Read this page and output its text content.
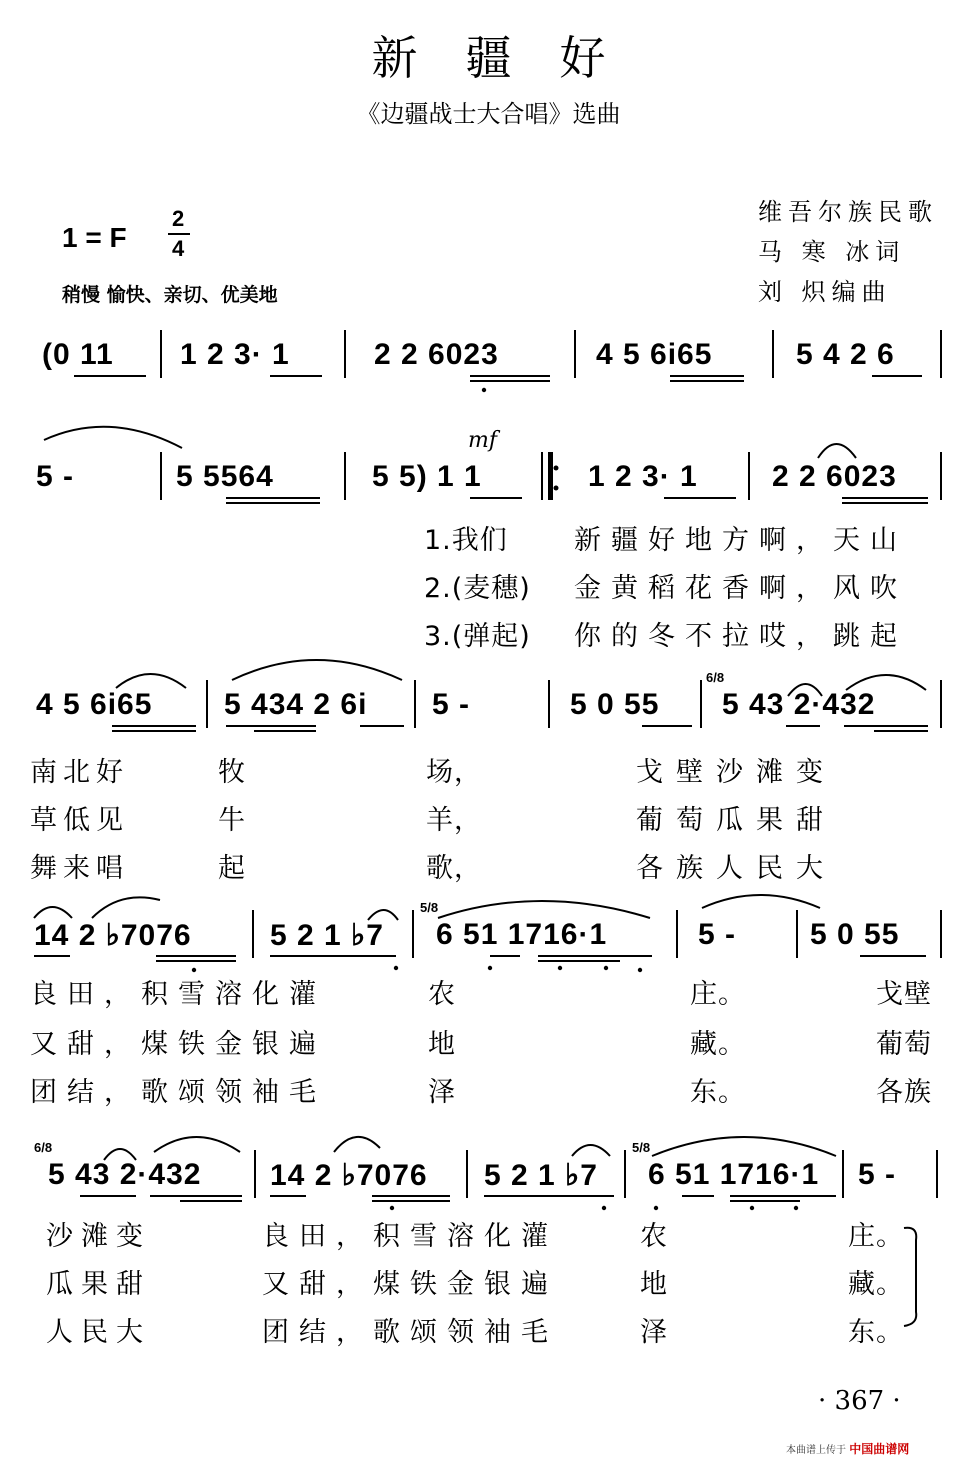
新疆好
《边疆战士大合唱》选曲
维吾尔族民歌
马 寒 冰词
刘 炽编曲
1 = F
2
4
稍慢 愉快、亲切、优美地
(0 11 1 2 3· 1	2 2 6023	4 5 6i65	5 4 2 6
mf
5 -	5 5564	5 5) 1 1	1 2 3· 1 2 2 6023
1.我们 新疆好地方啊，天山
2.(麦穗) 金黄稻花香啊，风吹
3.(弹起) 你的冬不拉哎，跳起
4 5 6i65 5 434 2 6i 5 -	5 0 55
6/8
5 43 2·432
南北好	牧	场，	戈壁沙滩变
草低见	牛	羊，	葡萄瓜果甜
舞来唱	起	歌，	各族人民大
14 2 ♭7076	5 2 1 ♭7
5/8
6 51 1716·1	5 - 5 0 55
良田，积雪溶化灌	农	庄。	戈壁
又甜，煤铁金银遍	地	藏。	葡萄
团结，歌颂领袖毛	泽	东。	各族
6/8
5 43 2·432 14 2 ♭7076 5 2 1 ♭7
5/8
6 51 1716·1 5 -
沙滩变	良田，积雪溶化灌	农	庄。
瓜果甜	又甜，煤铁金银遍	地	藏。
人民大	团结，歌颂领袖毛	泽	东。
· 367 ·
本曲谱上传于 中国曲谱网
